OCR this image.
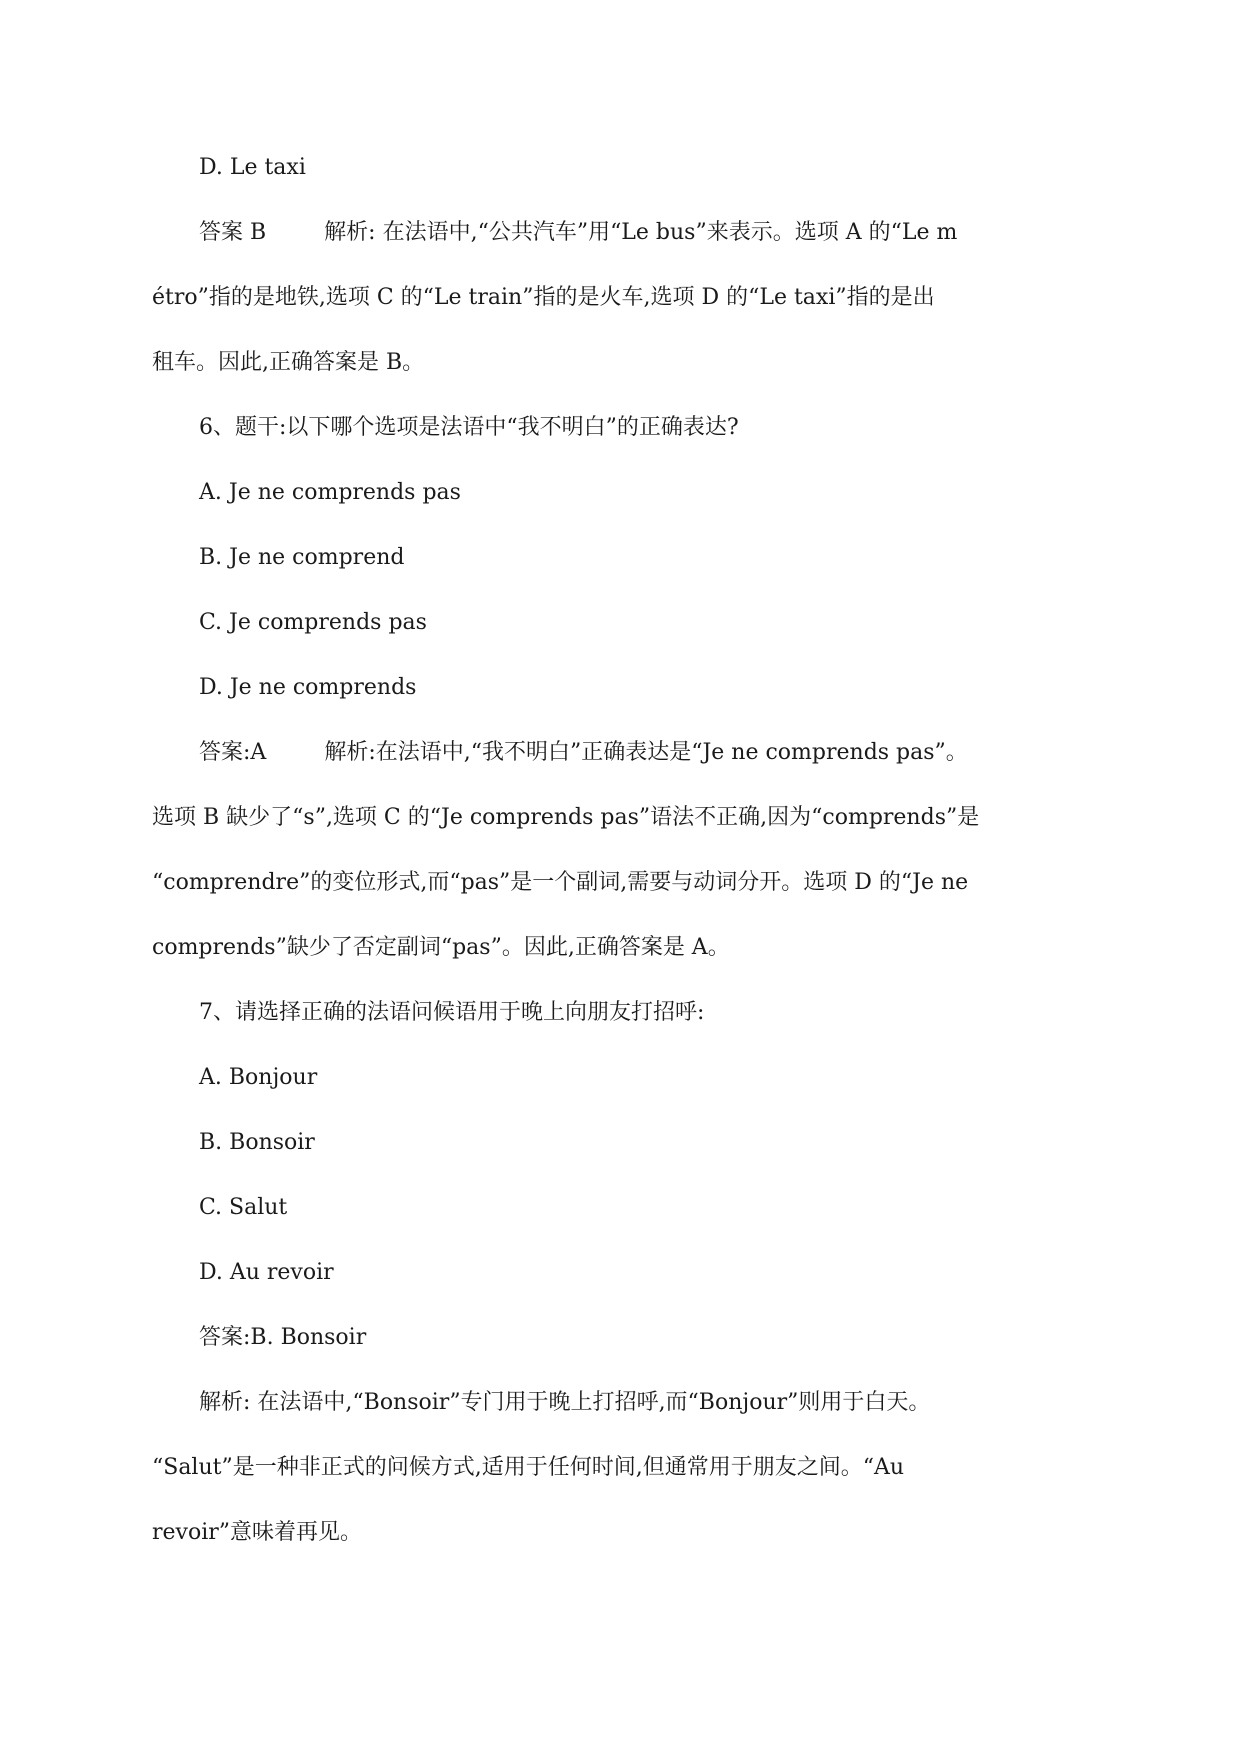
D. Le taxi
答案 B	解析: 在法语中,“公共汽车”用“Le bus”来表示。选项 A 的“Le m
étro”指的是地铁,选项 C 的“Le train”指的是火车,选项 D 的“Le taxi”指的是出
租车。因此,正确答案是 B。
6、题干:以下哪个选项是法语中“我不明白”的正确表达?
A. Je ne comprends pas
B. Je ne comprend
C. Je comprends pas
D. Je ne comprends
答案:A	解析:在法语中,“我不明白”正确表达是“Je ne comprends pas”。
选项 B 缺少了“s”,选项 C 的“Je comprends pas”语法不正确,因为“comprends”是
“comprendre”的变位形式,而“pas”是一个副词,需要与动词分开。选项 D 的“Je ne
comprends”缺少了否定副词“pas”。因此,正确答案是 A。
7、请选择正确的法语问候语用于晚上向朋友打招呼:
A. Bonjour
B. Bonsoir
C. Salut
D. Au revoir
答案:B. Bonsoir
解析: 在法语中,“Bonsoir”专门用于晚上打招呼,而“Bonjour”则用于白天。
“Salut”是一种非正式的问候方式,适用于任何时间,但通常用于朋友之间。“Au
revoir”意味着再见。
